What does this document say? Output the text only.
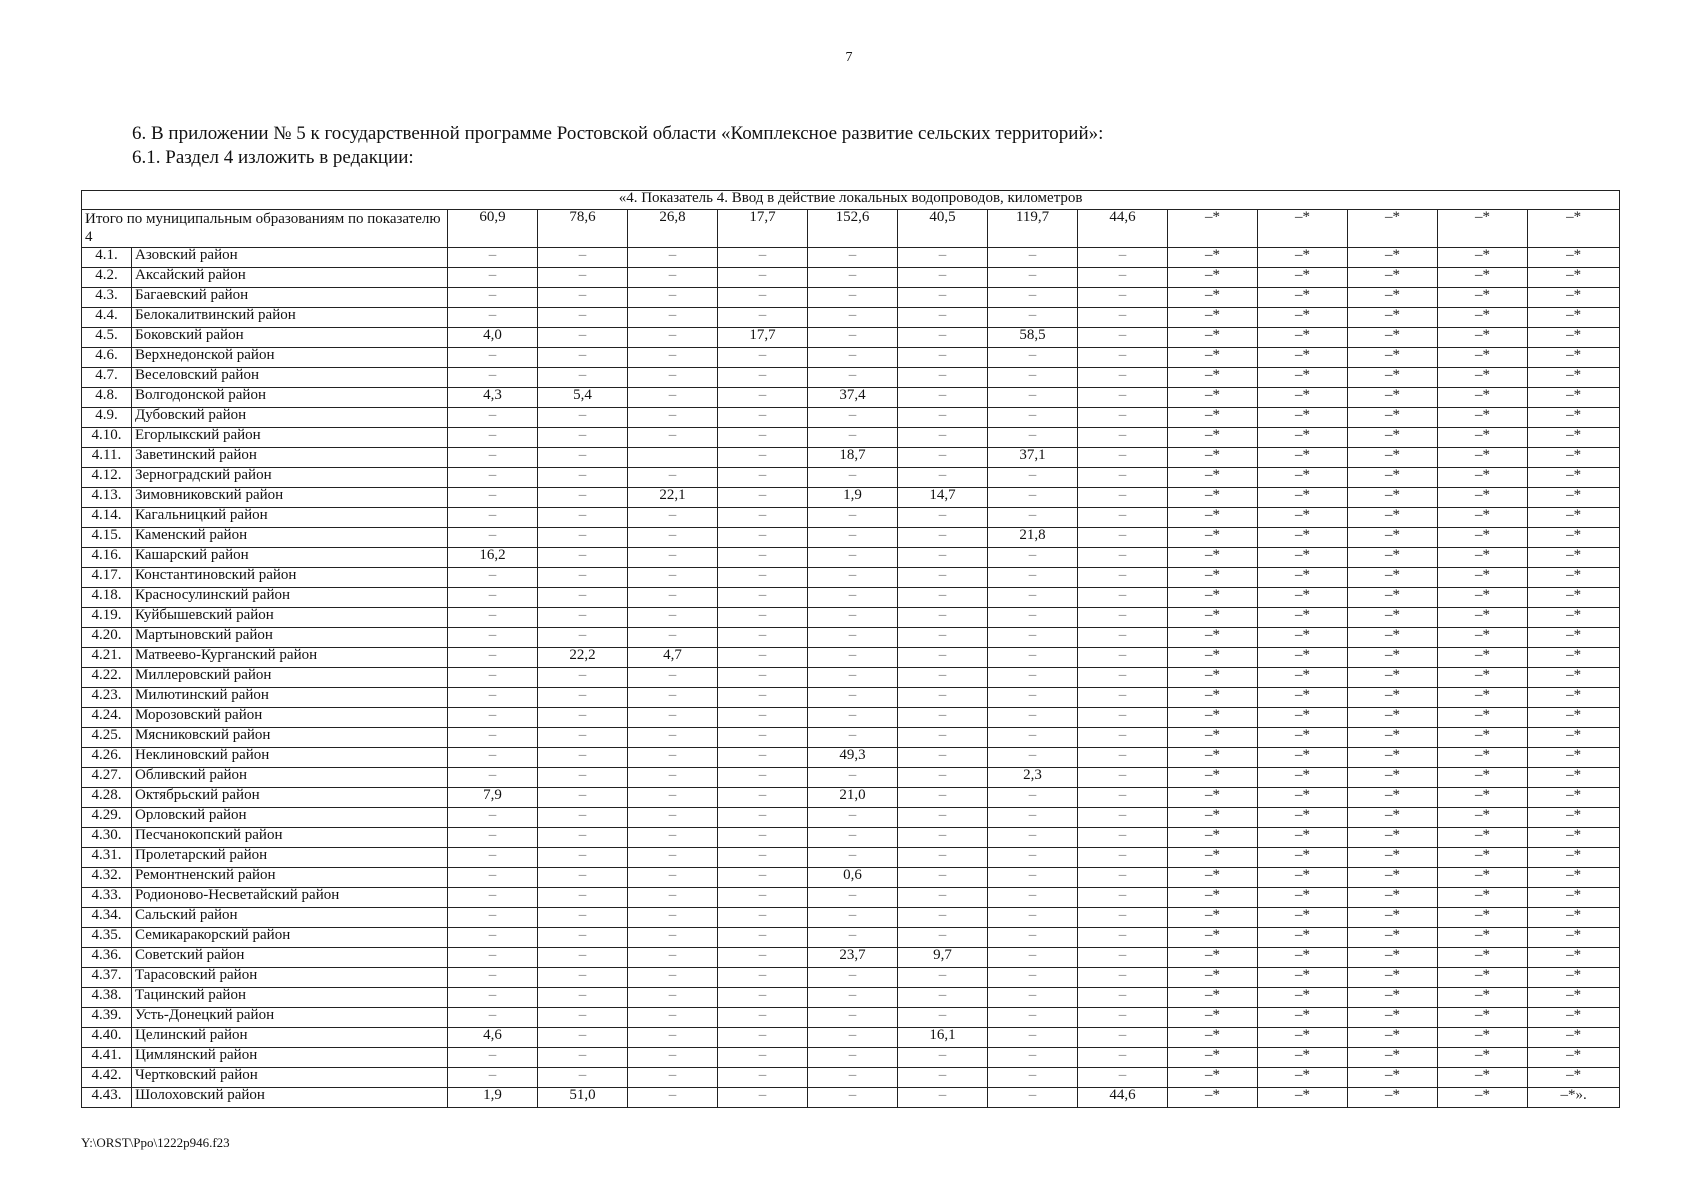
7
6. В приложении № 5 к государственной программе Ростовской области «Комплексное развитие сельских территорий»:
6.1. Раздел 4 изложить в редакции:
«4. Показатель 4. Ввод в действие локальных водопроводов, километров														
Итого по муниципальным образованиям по показателю 4		60,9	78,6	26,8	17,7	152,6	40,5	119,7	44,6	–*	–*	–*	–*	–*
4.1.	Азовский район	–	–	–	–	–	–	–	–	–*	–*	–*	–*	–*
4.2.	Аксайский район	–	–	–	–	–	–	–	–	–*	–*	–*	–*	–*
4.3.	Багаевский район	–	–	–	–	–	–	–	–	–*	–*	–*	–*	–*
4.4.	Белокалитвинский район	–	–	–	–	–	–	–	–	–*	–*	–*	–*	–*
4.5.	Боковский район	4,0	–	–	17,7	–	–	58,5	–	–*	–*	–*	–*	–*
4.6.	Верхнедонской район	–	–	–	–	–	–	–	–	–*	–*	–*	–*	–*
4.7.	Веселовский район	–	–	–	–	–	–	–	–	–*	–*	–*	–*	–*
4.8.	Волгодонской район	4,3	5,4	–	–	37,4	–	–	–	–*	–*	–*	–*	–*
4.9.	Дубовский район	–	–	–	–	–	–	–	–	–*	–*	–*	–*	–*
4.10.	Егорлыкский район	–	–	–	–	–	–	–	–	–*	–*	–*	–*	–*
4.11.	Заветинский район	–	–		–	18,7	–	37,1	–	–*	–*	–*	–*	–*
4.12.	Зерноградский район	–	–	–	–	–	–	–	–	–*	–*	–*	–*	–*
4.13.	Зимовниковский район	–	–	22,1	–	1,9	14,7	–	–	–*	–*	–*	–*	–*
4.14.	Кагальницкий район	–	–	–	–	–	–	–	–	–*	–*	–*	–*	–*
4.15.	Каменский район	–	–	–	–	–	–	21,8	–	–*	–*	–*	–*	–*
4.16.	Кашарский район	16,2	–	–	–	–	–	–	–	–*	–*	–*	–*	–*
4.17.	Константиновский район	–	–	–	–	–	–	–	–	–*	–*	–*	–*	–*
4.18.	Красносулинский район	–	–	–	–	–	–	–	–	–*	–*	–*	–*	–*
4.19.	Куйбышевский район	–	–	–	–	–	–	–	–	–*	–*	–*	–*	–*
4.20.	Мартыновский район	–	–	–	–	–	–	–	–	–*	–*	–*	–*	–*
4.21.	Матвеево-Курганский район	–	22,2	4,7	–	–	–	–	–	–*	–*	–*	–*	–*
4.22.	Миллеровский район	–	–	–	–	–	–	–	–	–*	–*	–*	–*	–*
4.23.	Милютинский район	–	–	–	–	–	–	–	–	–*	–*	–*	–*	–*
4.24.	Морозовский район	–	–	–	–	–	–	–	–	–*	–*	–*	–*	–*
4.25.	Мясниковский район	–	–	–	–	–	–	–	–	–*	–*	–*	–*	–*
4.26.	Неклиновский район	–	–	–	–	49,3	–	–	–	–*	–*	–*	–*	–*
4.27.	Обливский район	–	–	–	–	–	–	2,3	–	–*	–*	–*	–*	–*
4.28.	Октябрьский район	7,9	–	–	–	21,0	–	–	–	–*	–*	–*	–*	–*
4.29.	Орловский район	–	–	–	–	–	–	–	–	–*	–*	–*	–*	–*
4.30.	Песчанокопский район	–	–	–	–	–	–	–	–	–*	–*	–*	–*	–*
4.31.	Пролетарский район	–	–	–	–	–	–	–	–	–*	–*	–*	–*	–*
4.32.	Ремонтненский район	–	–	–	–	0,6	–	–	–	–*	–*	–*	–*	–*
4.33.	Родионово-Несветайский район	–	–	–	–	–	–	–	–	–*	–*	–*	–*	–*
4.34.	Сальский район	–	–	–	–	–	–	–	–	–*	–*	–*	–*	–*
4.35.	Семикаракорский район	–	–	–	–	–	–	–	–	–*	–*	–*	–*	–*
4.36.	Советский район	–	–	–	–	23,7	9,7	–	–	–*	–*	–*	–*	–*
4.37.	Тарасовский район	–	–	–	–	–	–	–	–	–*	–*	–*	–*	–*
4.38.	Тацинский район	–	–	–	–	–	–	–	–	–*	–*	–*	–*	–*
4.39.	Усть-Донецкий район	–	–	–	–	–	–	–	–	–*	–*	–*	–*	–*
4.40.	Целинский район	4,6	–	–	–	–	16,1	–	–	–*	–*	–*	–*	–*
4.41.	Цимлянский район	–	–	–	–	–	–	–	–	–*	–*	–*	–*	–*
4.42.	Чертковский район	–	–	–	–	–	–	–	–	–*	–*	–*	–*	–*
4.43.	Шолоховский район	1,9	51,0	–	–	–	–	–	44,6	–*	–*	–*	–*	–*».
Y:\ORST\Ppo\1222p946.f23
